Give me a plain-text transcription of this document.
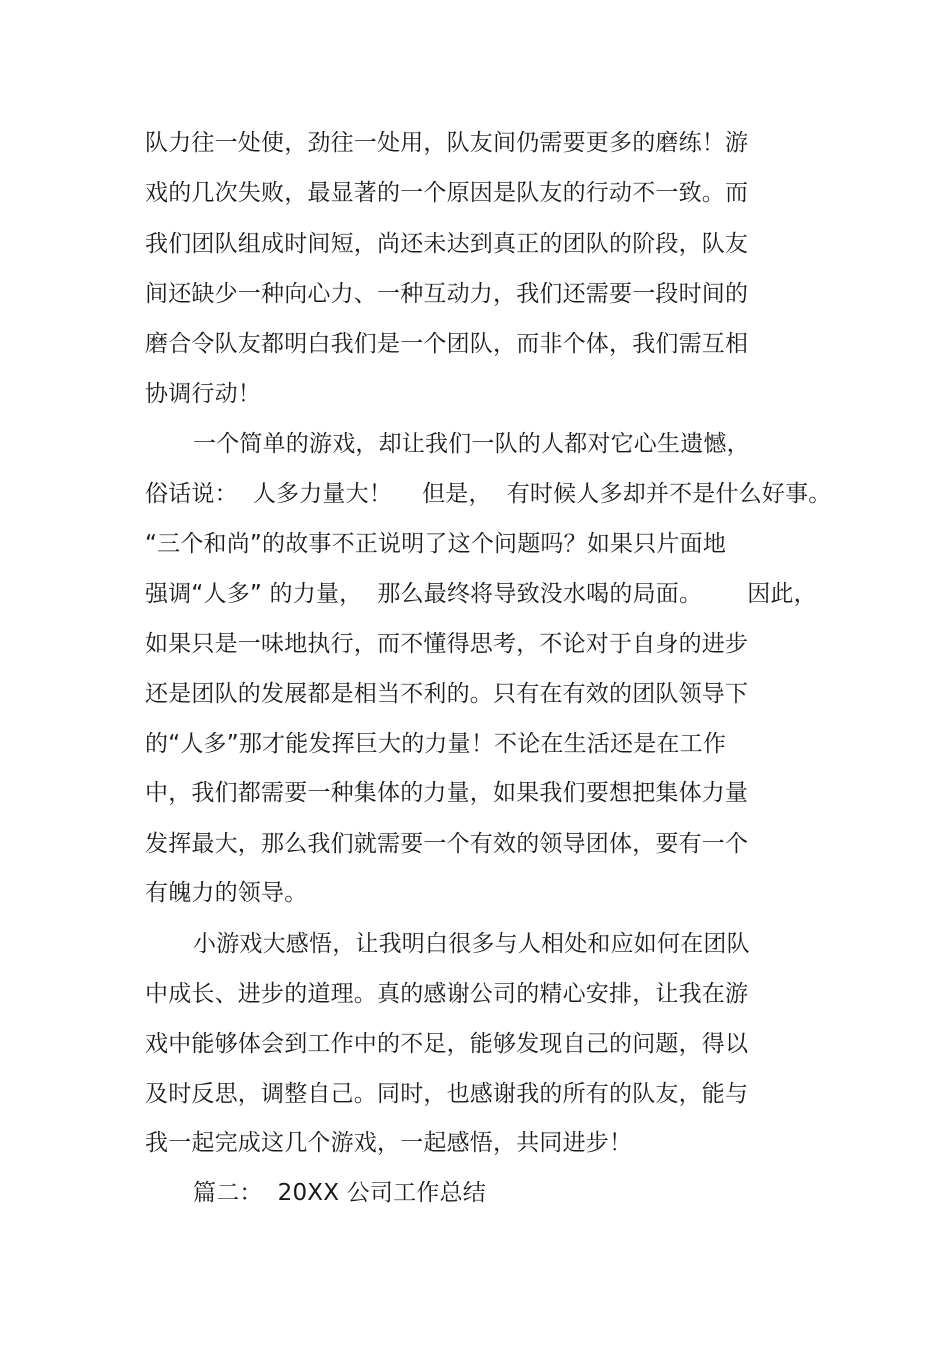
队力往一处使，劲往一处用，队友间仍需要更多的磨练！游
戏的几次失败，最显著的一个原因是队友的行动不一致。而
我们团队组成时间短，尚还未达到真正的团队的阶段，队友
间还缺少一种向心力、一种互动力，我们还需要一段时间的
磨合令队友都明白我们是一个团队，而非个体，我们需互相
协调行动！
一个简单的游戏，却让我们一队的人都对它心生遗憾，
俗话说：  人多力量大！    但是，  有时候人多却并不是什么好事。
“三个和尚”的故事不正说明了这个问题吗？如果只片面地
强调“人多” 的力量，  那么最终将导致没水喝的局面。      因此，
如果只是一味地执行，而不懂得思考，不论对于自身的进步
还是团队的发展都是相当不利的。只有在有效的团队领导下
的“人多”那才能发挥巨大的力量！不论在生活还是在工作
中，我们都需要一种集体的力量，如果我们要想把集体力量
发挥最大，那么我们就需要一个有效的领导团体，要有一个
有魄力的领导。
小游戏大感悟，让我明白很多与人相处和应如何在团队
中成长、进步的道理。真的感谢公司的精心安排，让我在游
戏中能够体会到工作中的不足，能够发现自己的问题，得以
及时反思，调整自己。同时，也感谢我的所有的队友，能与
我一起完成这几个游戏，一起感悟，共同进步！
篇二：  20XX 公司工作总结
